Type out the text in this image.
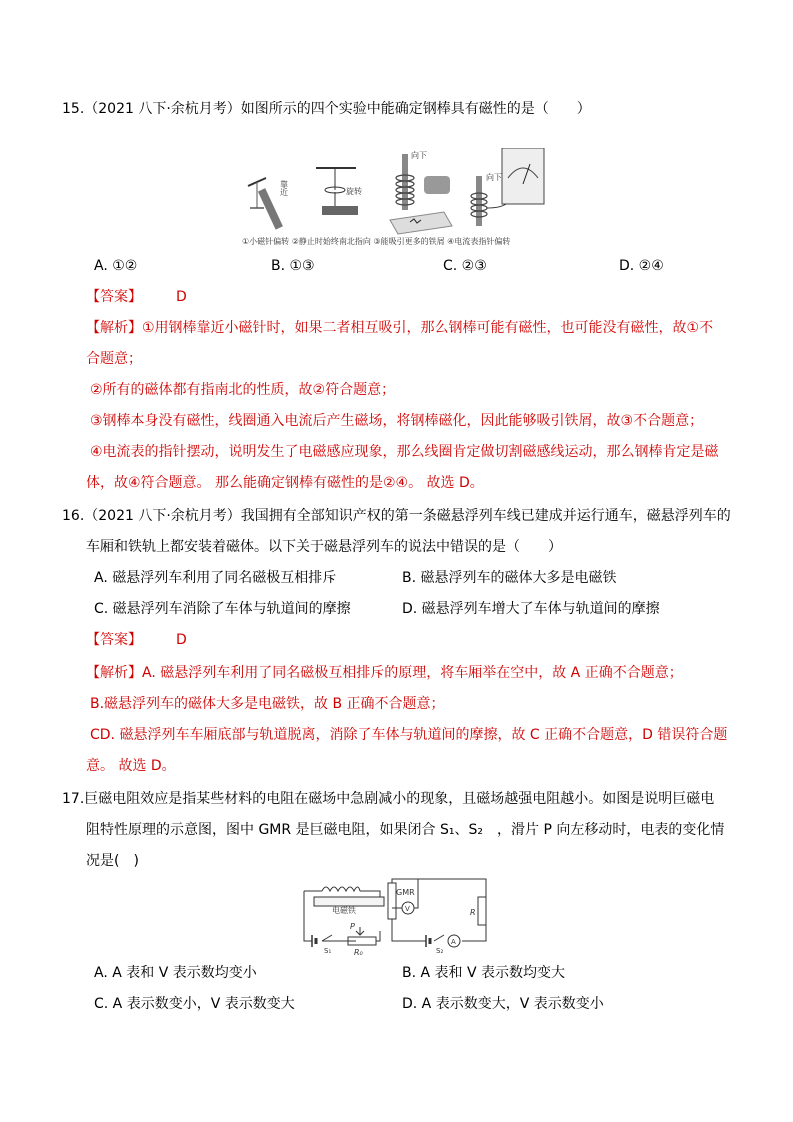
15.（2021 八下·余杭月考）如图所示的四个实验中能确定钢棒具有磁性的是（　　）
靠近	旋转
向下
向下
①小磁针偏转 ②静止时始终南北指向 ③能吸引更多的铁屑 ④电流表指针偏转
A. ①②	B. ①③	C. ②③	D. ②④
【答案】 D
【解析】①用钢棒靠近小磁针时，如果二者相互吸引，那么钢棒可能有磁性，也可能没有磁性，故①不
合题意；
②所有的磁体都有指南北的性质，故②符合题意；
③钢棒本身没有磁性，线圈通入电流后产生磁场，将钢棒磁化，因此能够吸引铁屑，故③不合题意；
④电流表的指针摆动，说明发生了电磁感应现象，那么线圈肯定做切割磁感线运动，那么钢棒肯定是磁
体，故④符合题意。 那么能确定钢棒有磁性的是②④。 故选 D。
16.（2021 八下·余杭月考）我国拥有全部知识产权的第一条磁悬浮列车线已建成并运行通车，磁悬浮列车的
车厢和铁轨上都安装着磁体。以下关于磁悬浮列车的说法中错误的是（　　）
A. 磁悬浮列车利用了同名磁极互相排斥	B. 磁悬浮列车的磁体大多是电磁铁
C. 磁悬浮列车消除了车体与轨道间的摩擦	D. 磁悬浮列车增大了车体与轨道间的摩擦
【答案】 D
【解析】A. 磁悬浮列车利用了同名磁极互相排斥的原理，将车厢举在空中，故 A 正确不合题意；
B.磁悬浮列车的磁体大多是电磁铁，故 B 正确不合题意；
CD. 磁悬浮列车车厢底部与轨道脱离，消除了车体与轨道间的摩擦，故 C 正确不合题意，D 错误符合题
意。 故选 D。
17.巨磁电阻效应是指某些材料的电阻在磁场中急剧减小的现象，且磁场越强电阻越小。如图是说明巨磁电
阻特性原理的示意图，图中 GMR 是巨磁电阻，如果闭合 S₁、S₂　，滑片 P 向左移动时，电表的变化情
况是(　)
电磁铁
GMR
V
A
R
P
R₀
S₁	S₂
A. A 表和 V 表示数均变小	B. A 表和 V 表示数均变大
C. A 表示数变小，V 表示数变大	D. A 表示数变大，V 表示数变小
